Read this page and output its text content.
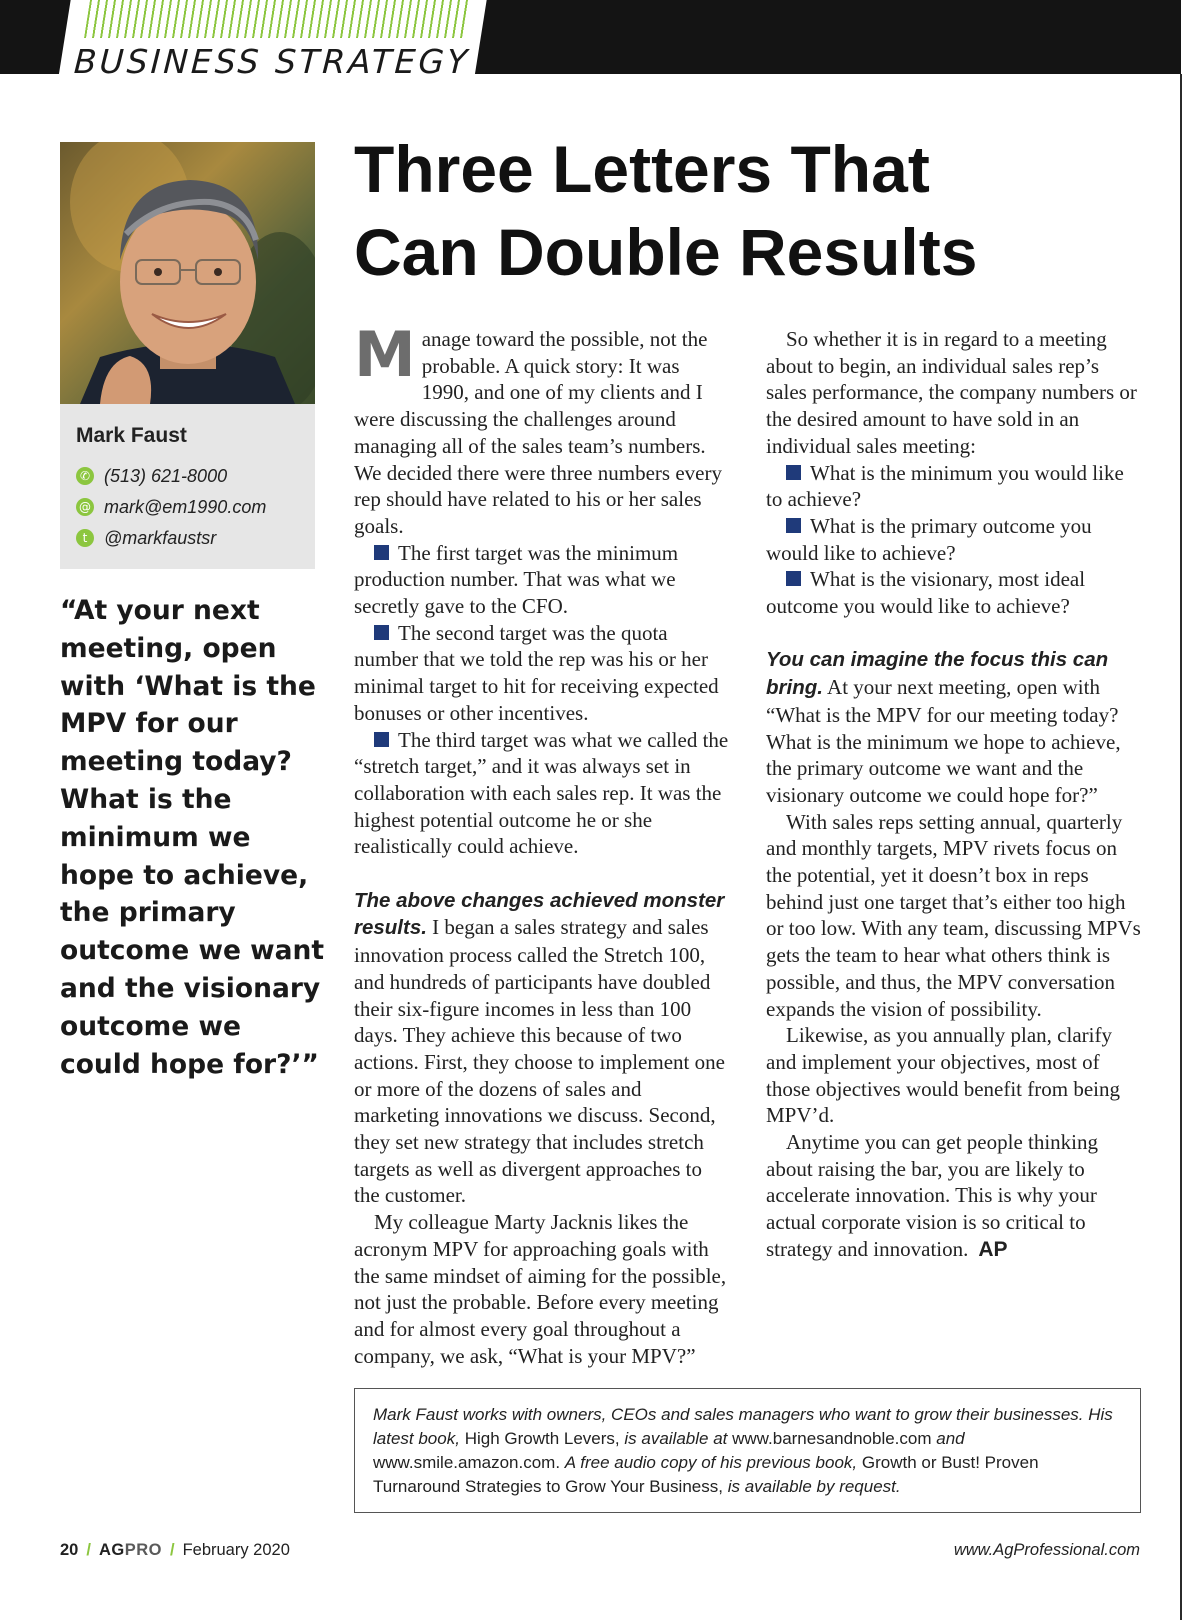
BUSINESS STRATEGY
Mark Faust
✆ (513) 621-8000
@ mark@em1990.com
t @markfaustsr
“At your next meeting, open with ‘What is the MPV for our meeting today? What is the minimum we hope to achieve, the primary outcome we want and the visionary outcome we could hope for?’”
Three Letters That
Can Double Results

Manage toward the possible, not the probable. A quick story: It was 1990, and one of my clients and I were discussing the challenges around managing all of the sales team’s numbers. We decided there were three numbers every rep should have related to his or her sales goals.

The first target was the minimum production number. That was what we secretly gave to the CFO.

The second target was the quota number that we told the rep was his or her minimal target to hit for receiving expected bonuses or other incentives.

The third target was what we called the “stretch target,” and it was always set in collaboration with each sales rep. It was the highest potential outcome he or she realistically could achieve.

The above changes achieved monster results. I began a sales strategy and sales innovation process called the Stretch 100, and hundreds of participants have doubled their six-figure incomes in less than 100 days. They achieve this because of two actions. First, they choose to implement one or more of the dozens of sales and marketing innovations we discuss. Second, they set new strategy that includes stretch targets as well as divergent approaches to the customer.

My colleague Marty Jacknis likes the acronym MPV for approaching goals with the same mindset of aiming for the possible, not just the probable. Before every meeting and for almost every goal throughout a company, we ask, “What is your MPV?”

So whether it is in regard to a meeting about to begin, an individual sales rep’s sales performance, the company numbers or the desired amount to have sold in an individual sales meeting:

What is the minimum you would like to achieve?

What is the primary outcome you would like to achieve?

What is the visionary, most ideal outcome you would like to achieve?

You can imagine the focus this can bring. At your next meeting, open with “What is the MPV for our meeting today? What is the minimum we hope to achieve, the primary outcome we want and the visionary outcome we could hope for?”

With sales reps setting annual, quarterly and monthly targets, MPV rivets focus on the potential, yet it doesn’t box in reps behind just one target that’s either too high or too low. With any team, discussing MPVs gets the team to hear what others think is possible, and thus, the MPV conversation expands the vision of possibility.

Likewise, as you annually plan, clarify and implement your objectives, most of those objectives would benefit from being MPV’d.

Anytime you can get people thinking about raising the bar, you are likely to accelerate innovation. This is why your actual corporate vision is so critical to strategy and innovation. AP

Mark Faust works with owners, CEOs and sales managers who want to grow their businesses. His latest book, High Growth Levers, is available at www.barnesandnoble.com and www.smile.amazon.com. A free audio copy of his previous book, Growth or Bust! Proven Turnaround Strategies to Grow Your Business, is available by request.
20 / AGPRO / February 2020	www.AgProfessional.com
